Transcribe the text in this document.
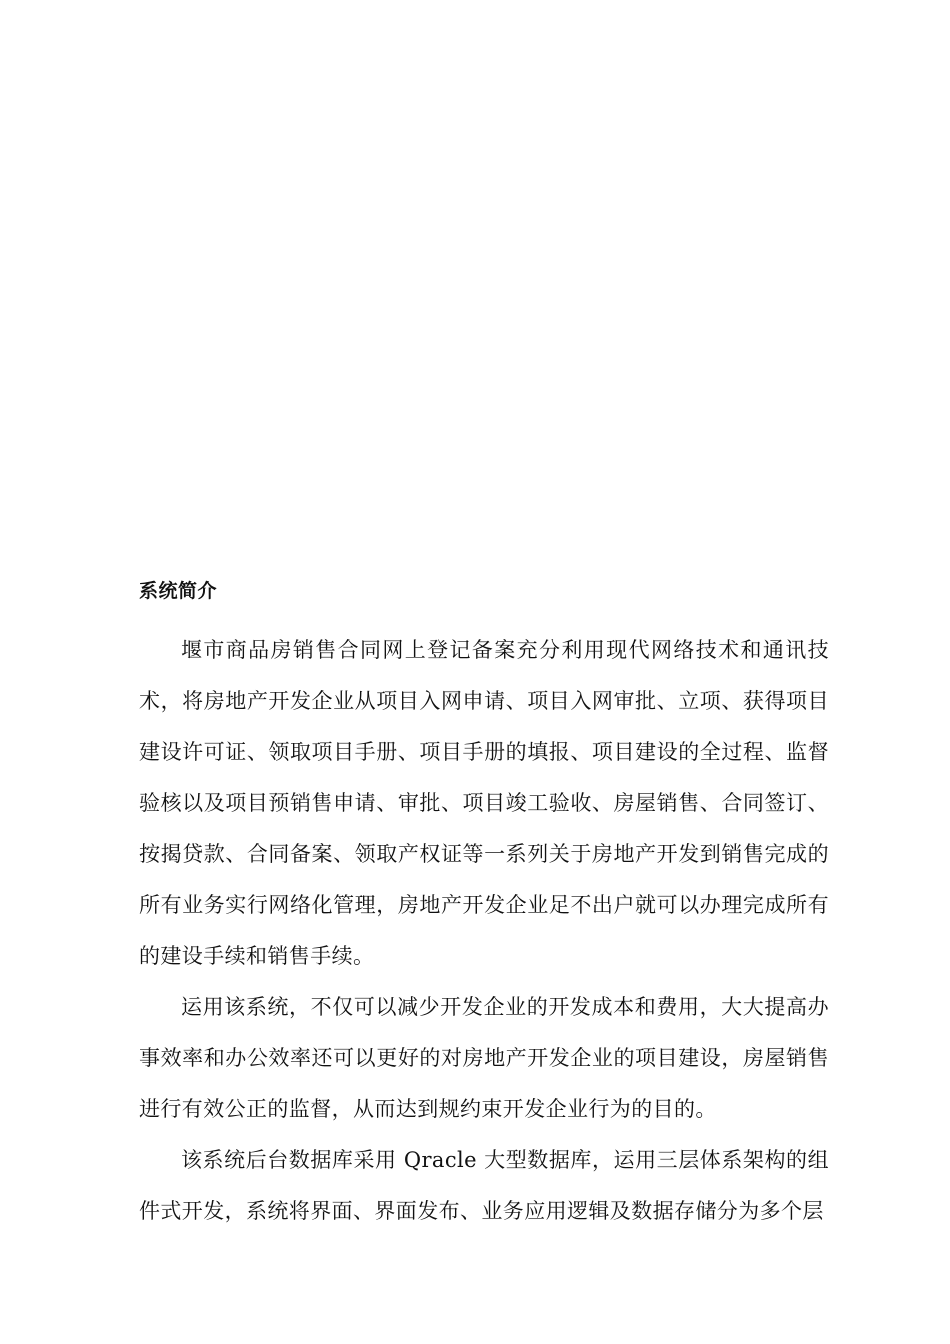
系统简介

堰市商品房销售合同网上登记备案充分利用现代网络技术和通讯技术，将房地产开发企业从项目入网申请、项目入网审批、立项、获得项目建设许可证、领取项目手册、项目手册的填报、项目建设的全过程、监督验核以及项目预销售申请、审批、项目竣工验收、房屋销售、合同签订、按揭贷款、合同备案、领取产权证等一系列关于房地产开发到销售完成的所有业务实行网络化管理，房地产开发企业足不出户就可以办理完成所有的建设手续和销售手续。

运用该系统，不仅可以减少开发企业的开发成本和费用，大大提高办事效率和办公效率还可以更好的对房地产开发企业的项目建设，房屋销售进行有效公正的监督，从而达到规约束开发企业行为的目的。

该系统后台数据库采用 Qracle 大型数据库，运用三层体系架构的组件式开发，系统将界面、界面发布、业务应用逻辑及数据存储分为多个层
